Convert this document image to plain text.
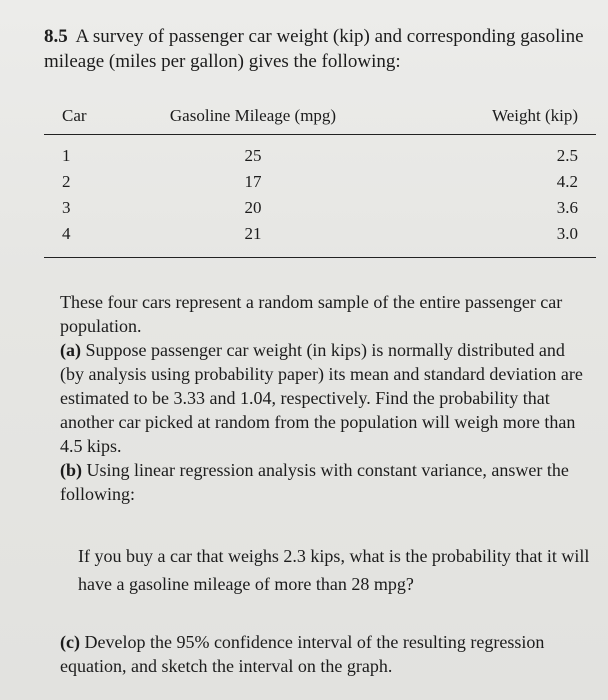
8.5 A survey of passenger car weight (kip) and corresponding gasoline mileage (miles per gallon) gives the following:
Car	Gasoline Mileage (mpg)	Weight (kip)
1	25	2.5
2	17	4.2
3	20	3.6
4	21	3.0

These four cars represent a random sample of the entire passenger car population.

(a) Suppose passenger car weight (in kips) is normally distributed and (by analysis using probability paper) its mean and standard deviation are estimated to be 3.33 and 1.04, respectively. Find the probability that another car picked at random from the population will weigh more than 4.5 kips.

(b) Using linear regression analysis with constant variance, answer the following:

If you buy a car that weighs 2.3 kips, what is the probability that it will have a gasoline mileage of more than 28 mpg?
(c) Develop the 95% confidence interval of the resulting regression equation, and sketch the interval on the graph.
